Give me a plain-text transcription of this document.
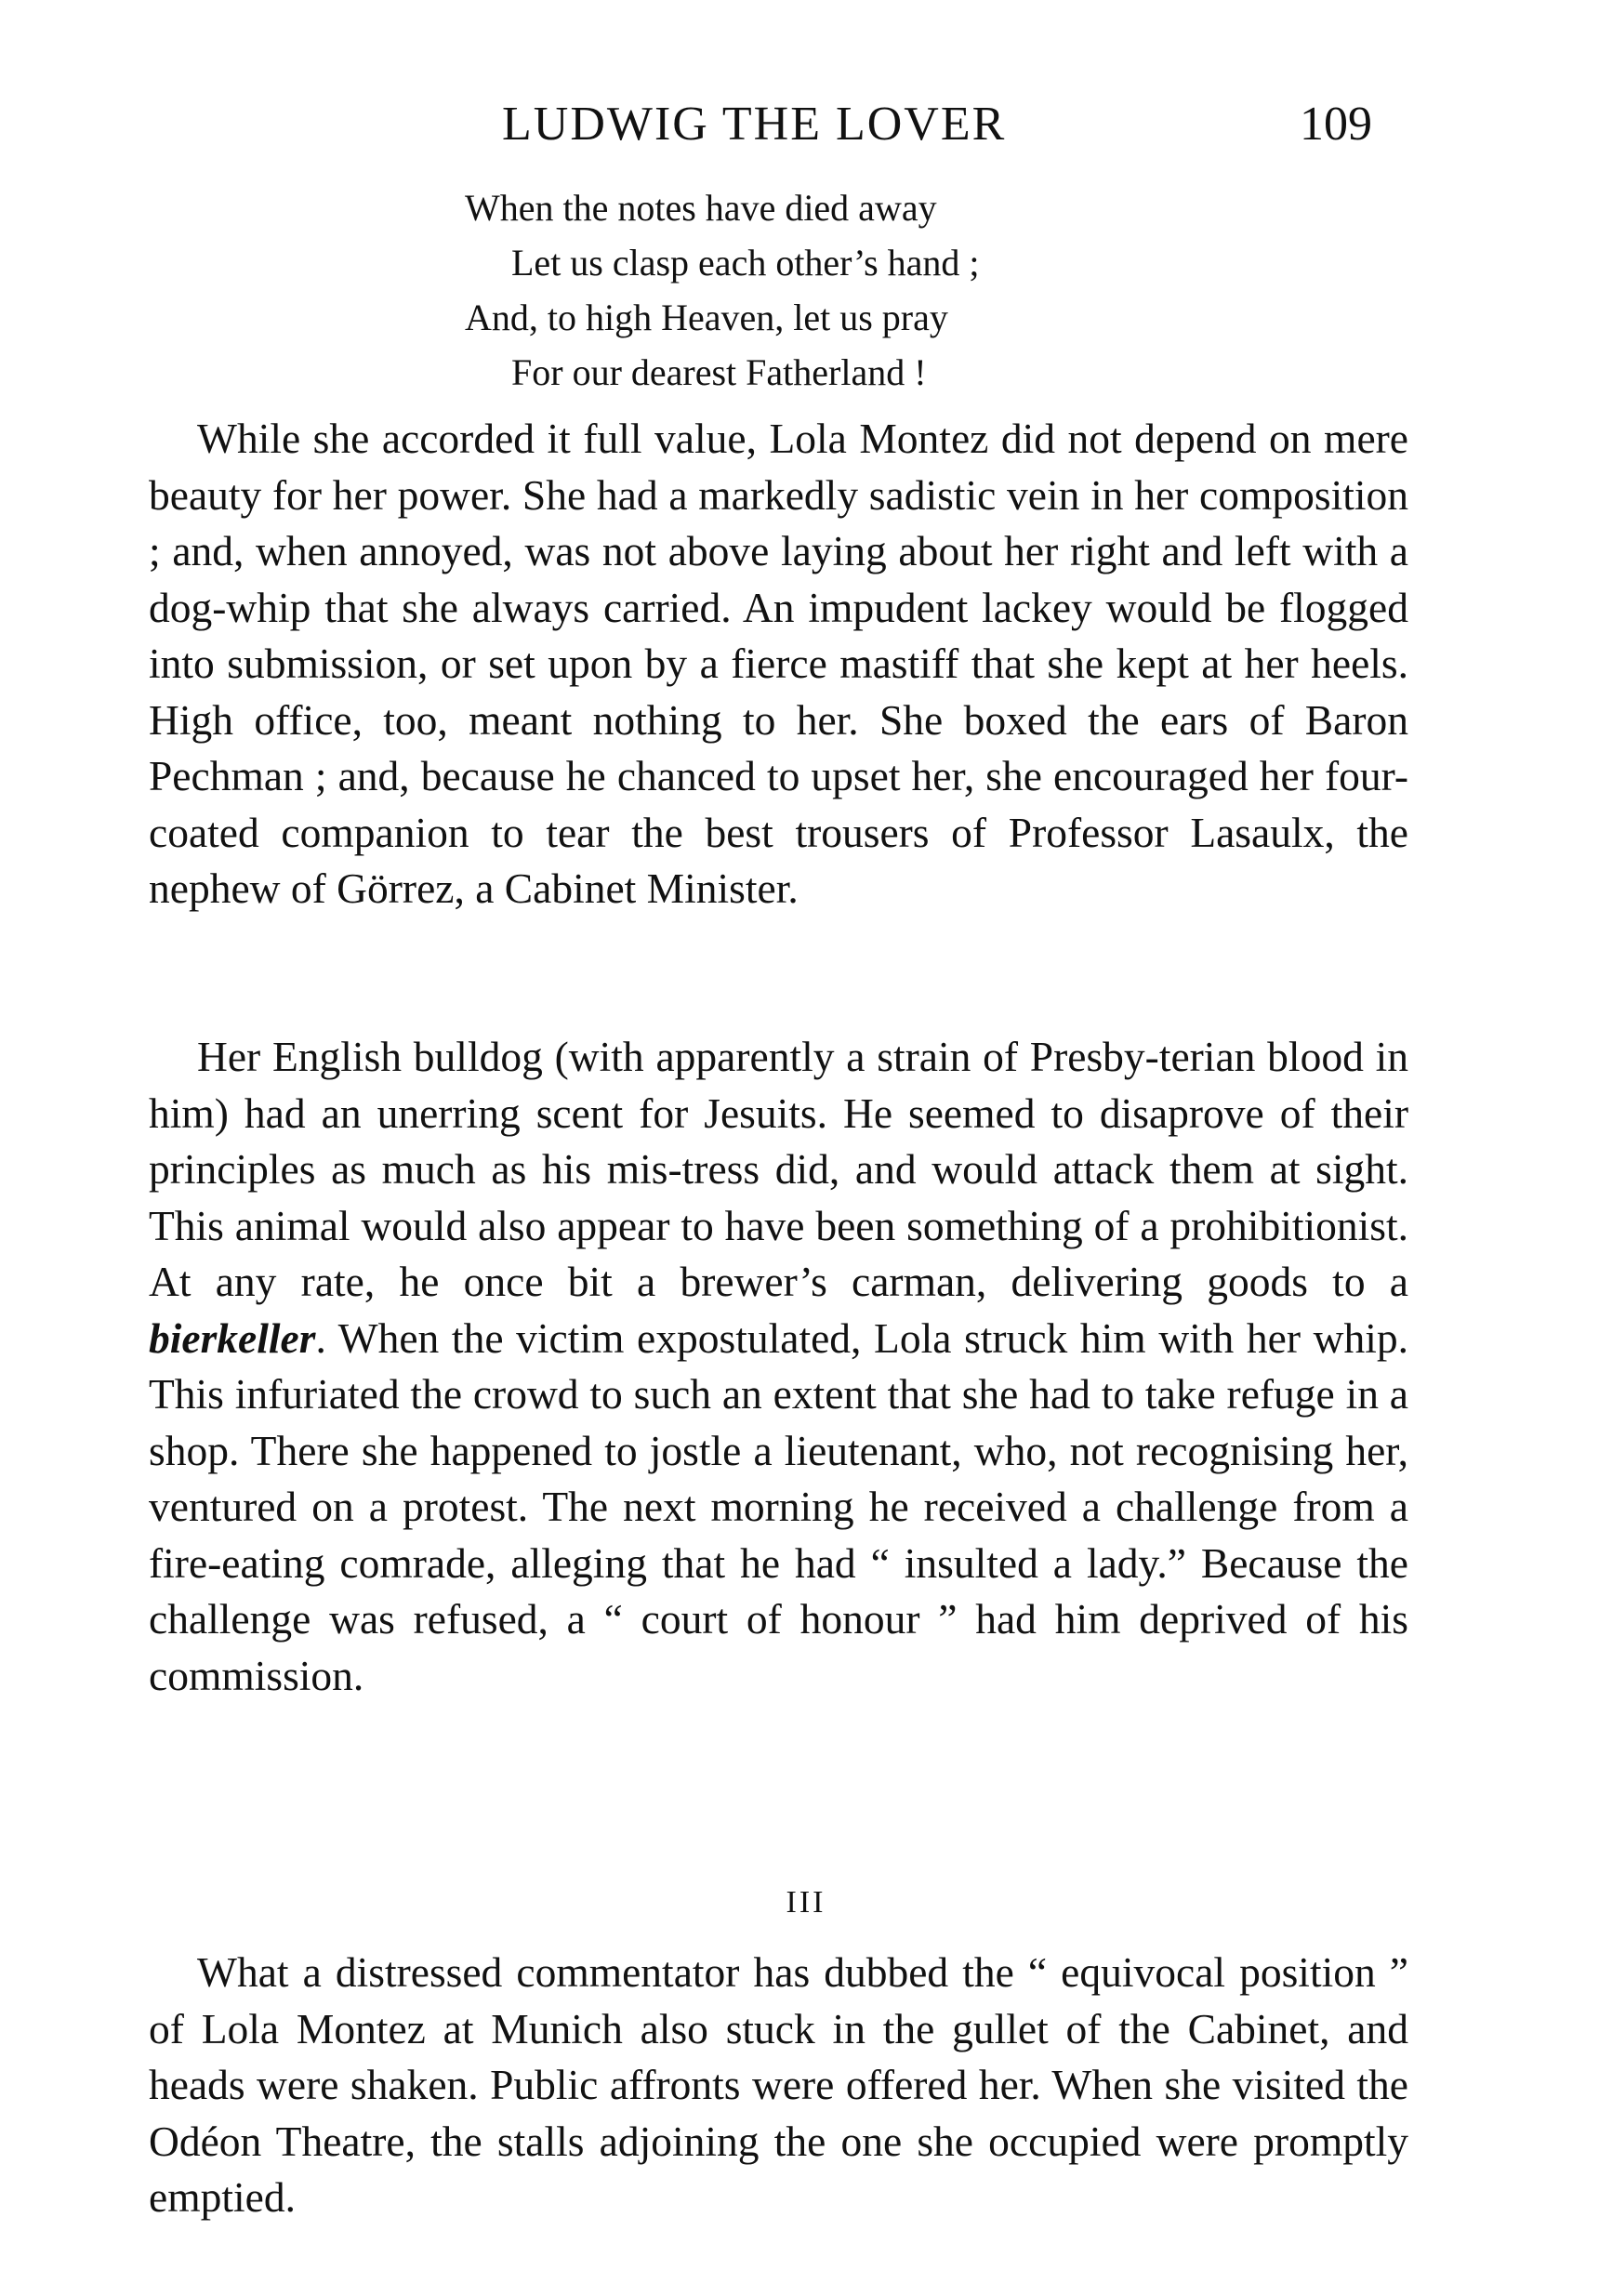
LUDWIG THE LOVER	109
When the notes have died away
Let us clasp each other’s hand ;
And, to high Heaven, let us pray
For our dearest Fatherland !

While she accorded it full value, Lola Montez did not depend on mere beauty for her power. She had a markedly sadistic vein in her composition ; and, when annoyed, was not above laying about her right and left with a dog-whip that she always carried. An impudent lackey would be flogged into submission, or set upon by a fierce mastiff that she kept at her heels. High office, too, meant nothing to her. She boxed the ears of Baron Pechman ; and, because he chanced to upset her, she encouraged her four-coated companion to tear the best trousers of Professor Lasaulx, the nephew of Görrez, a Cabinet Minister.

Her English bulldog (with apparently a strain of Presby-terian blood in him) had an unerring scent for Jesuits. He seemed to disaprove of their principles as much as his mis-tress did, and would attack them at sight. This animal would also appear to have been something of a prohibitionist. At any rate, he once bit a brewer’s carman, delivering goods to a bierkeller. When the victim expostulated, Lola struck him with her whip. This infuriated the crowd to such an extent that she had to take refuge in a shop. There she happened to jostle a lieutenant, who, not recognising her, ventured on a protest. The next morning he received a challenge from a fire-eating comrade, alleging that he had “ insulted a lady.” Because the challenge was refused, a “ court of honour ” had him deprived of his commission.

III

What a distressed commentator has dubbed the “ equivocal position ” of Lola Montez at Munich also stuck in the gullet of the Cabinet, and heads were shaken. Public affronts were offered her. When she visited the Odéon Theatre, the stalls adjoining the one she occupied were promptly emptied.
